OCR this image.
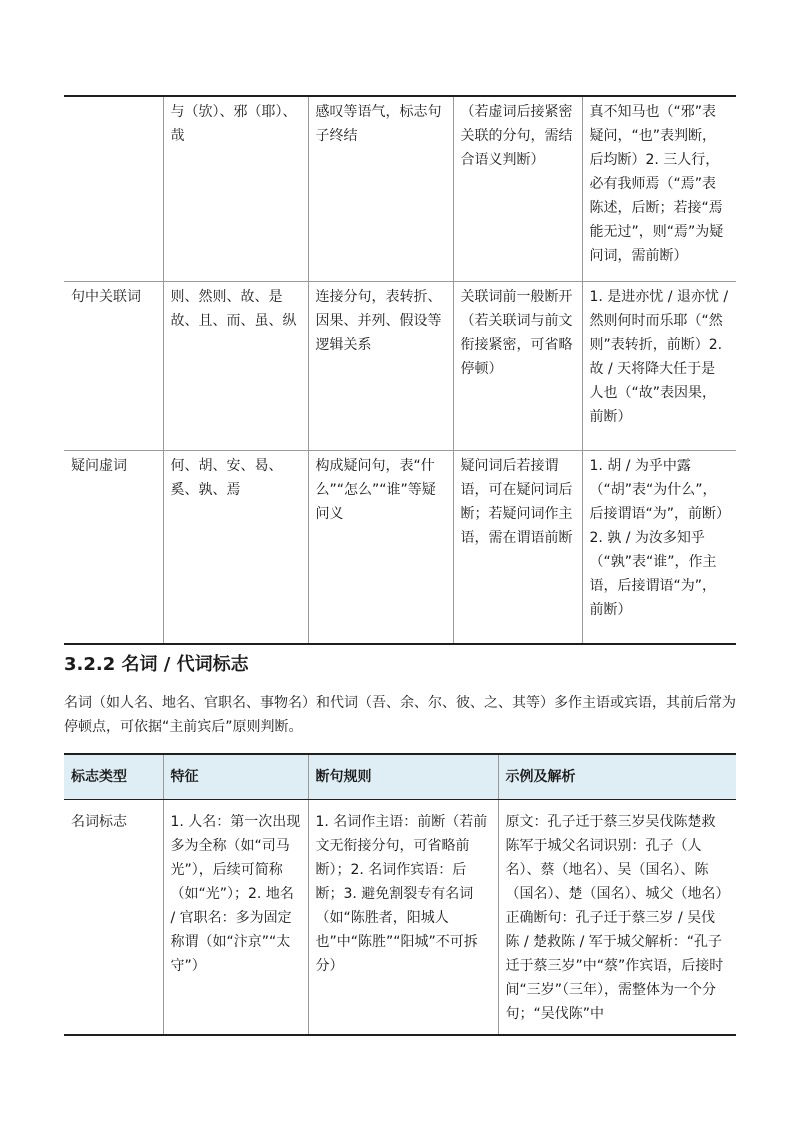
	与（欤）、邪（耶）、哉	感叹等语气，标志句子终结	（若虚词后接紧密关联的分句，需结合语义判断）	真不知马也（“邪”表疑问，“也”表判断，后均断）2. 三人行，必有我师焉（“焉”表陈述，后断；若接“焉能无过”，则“焉”为疑问词，需前断）
句中关联词	则、然则、故、是故、且、而、虽、纵	连接分句，表转折、因果、并列、假设等逻辑关系	关联词前一般断开（若关联词与前文衔接紧密，可省略停顿）	1. 是进亦忧 / 退亦忧 / 然则何时而乐耶（“然则”表转折，前断）2. 故 / 天将降大任于是人也（“故”表因果，前断）
疑问虚词	何、胡、安、曷、奚、孰、焉	构成疑问句，表“什么”“怎么”“谁”等疑问义	疑问词后若接谓语，可在疑问词后断；若疑问词作主语，需在谓语前断	1. 胡 / 为乎中露（“胡”表“为什么”，后接谓语“为”，前断）2. 孰 / 为汝多知乎（“孰”表“谁”，作主语，后接谓语“为”，前断）
3.2.2 名词 / 代词标志

名词（如人名、地名、官职名、事物名）和代词（吾、余、尔、彼、之、其等）多作主语或宾语，其前后常为停顿点，可依据“主前宾后”原则判断。

标志类型	特征	断句规则	示例及解析
名词标志	1. 人名：第一次出现多为全称（如“司马光”），后续可简称（如“光”）；2. 地名 / 官职名：多为固定称谓（如“汴京”“太守”）	1. 名词作主语：前断（若前文无衔接分句，可省略前断）；2. 名词作宾语：后断；3. 避免割裂专有名词（如“陈胜者，阳城人也”中“陈胜”“阳城”不可拆分）	原文：孔子迁于蔡三岁吴伐陈楚救陈军于城父名词识别：孔子（人名）、蔡（地名）、吴（国名）、陈（国名）、楚（国名）、城父（地名）正确断句：孔子迁于蔡三岁 / 吴伐陈 / 楚救陈 / 军于城父解析：“孔子迁于蔡三岁”中“蔡”作宾语，后接时间“三岁”（三年），需整体为一个分句；“吴伐陈”中
